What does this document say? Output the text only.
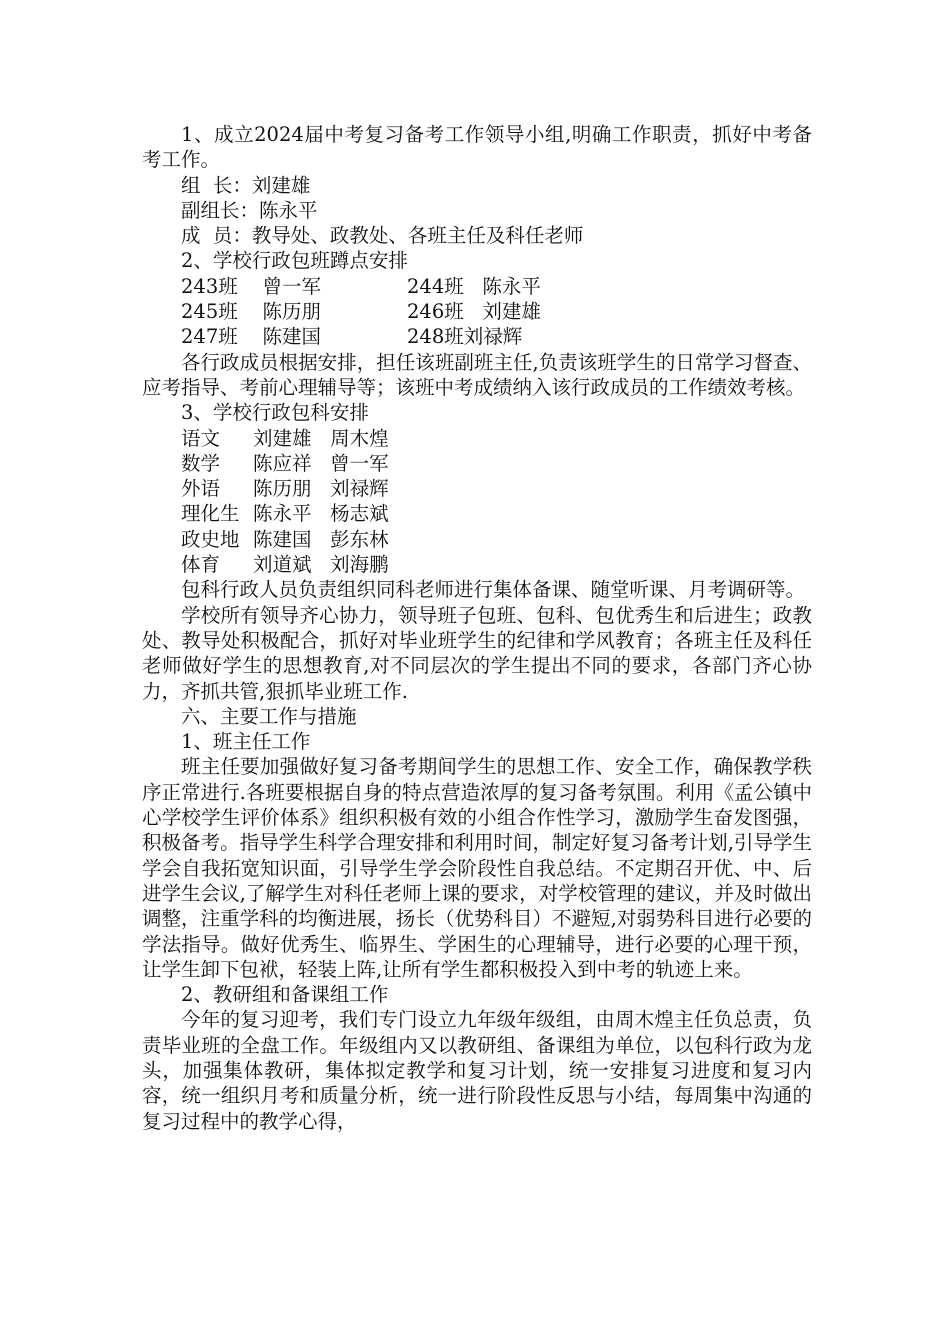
1、成立2024届中考复习备考工作领导小组,明确工作职责，抓好中考备考工作。

组  长：刘建雄

副组长：陈永平

成  员：教导处、政教处、各班主任及科任老师

2、学校行政包班蹲点安排

243班    曾一军	244班   陈永平
245班    陈历朋	246班   刘建雄
247班    陈建国	248班刘禄辉

各行政成员根据安排，担任该班副班主任,负责该班学生的日常学习督查、应考指导、考前心理辅导等；该班中考成绩纳入该行政成员的工作绩效考核。

3、学校行政包科安排

语文	刘建雄   周木煌
数学	陈应祥   曾一军
外语	陈历朋   刘禄辉
理化生 陈永平   杨志斌
政史地 陈建国   彭东林
体育	刘道斌   刘海鹏

包科行政人员负责组织同科老师进行集体备课、随堂听课、月考调研等。

学校所有领导齐心协力，领导班子包班、包科、包优秀生和后进生；政教处、教导处积极配合，抓好对毕业班学生的纪律和学风教育；各班主任及科任老师做好学生的思想教育,对不同层次的学生提出不同的要求，各部门齐心协力，齐抓共管,狠抓毕业班工作.

六、主要工作与措施

1、班主任工作

班主任要加强做好复习备考期间学生的思想工作、安全工作，确保教学秩序正常进行.各班要根据自身的特点营造浓厚的复习备考氛围。利用《孟公镇中心学校学生评价体系》组织积极有效的小组合作性学习，激励学生奋发图强，积极备考。指导学生科学合理安排和利用时间，制定好复习备考计划,引导学生学会自我拓宽知识面，引导学生学会阶段性自我总结。不定期召开优、中、后进学生会议,了解学生对科任老师上课的要求，对学校管理的建议，并及时做出调整，注重学科的均衡进展，扬长（优势科目）不避短,对弱势科目进行必要的学法指导。做好优秀生、临界生、学困生的心理辅导，进行必要的心理干预，让学生卸下包袱，轻装上阵,让所有学生都积极投入到中考的轨迹上来。

2、教研组和备课组工作

今年的复习迎考，我们专门设立九年级年级组，由周木煌主任负总责，负责毕业班的全盘工作。年级组内又以教研组、备课组为单位，以包科行政为龙头，加强集体教研，集体拟定教学和复习计划，统一安排复习进度和复习内容，统一组织月考和质量分析，统一进行阶段性反思与小结，每周集中沟通的复习过程中的教学心得，
